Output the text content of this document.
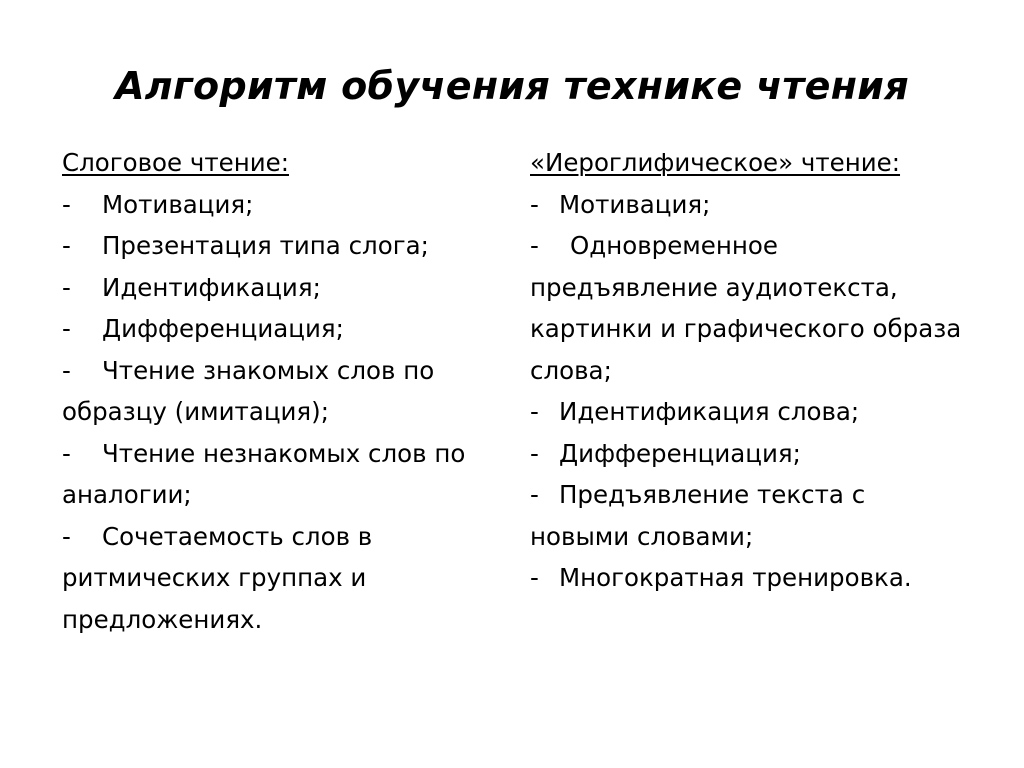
Алгоритм обучения технике чтения
Слоговое чтение:
- Мотивация;
- Презентация типа слога;
- Идентификация;
- Дифференциация;
- Чтение знакомых слов по образцу (имитация);
- Чтение незнакомых слов по аналогии;
- Сочетаемость слов в ритмических группах и предложениях.
«Иероглифическое» чтение:
- Мотивация;
- Одновременное предъявление аудиотекста, картинки и графического образа слова;
- Идентификация слова;
- Дифференциация;
- Предъявление текста с новыми словами;
- Многократная тренировка.
